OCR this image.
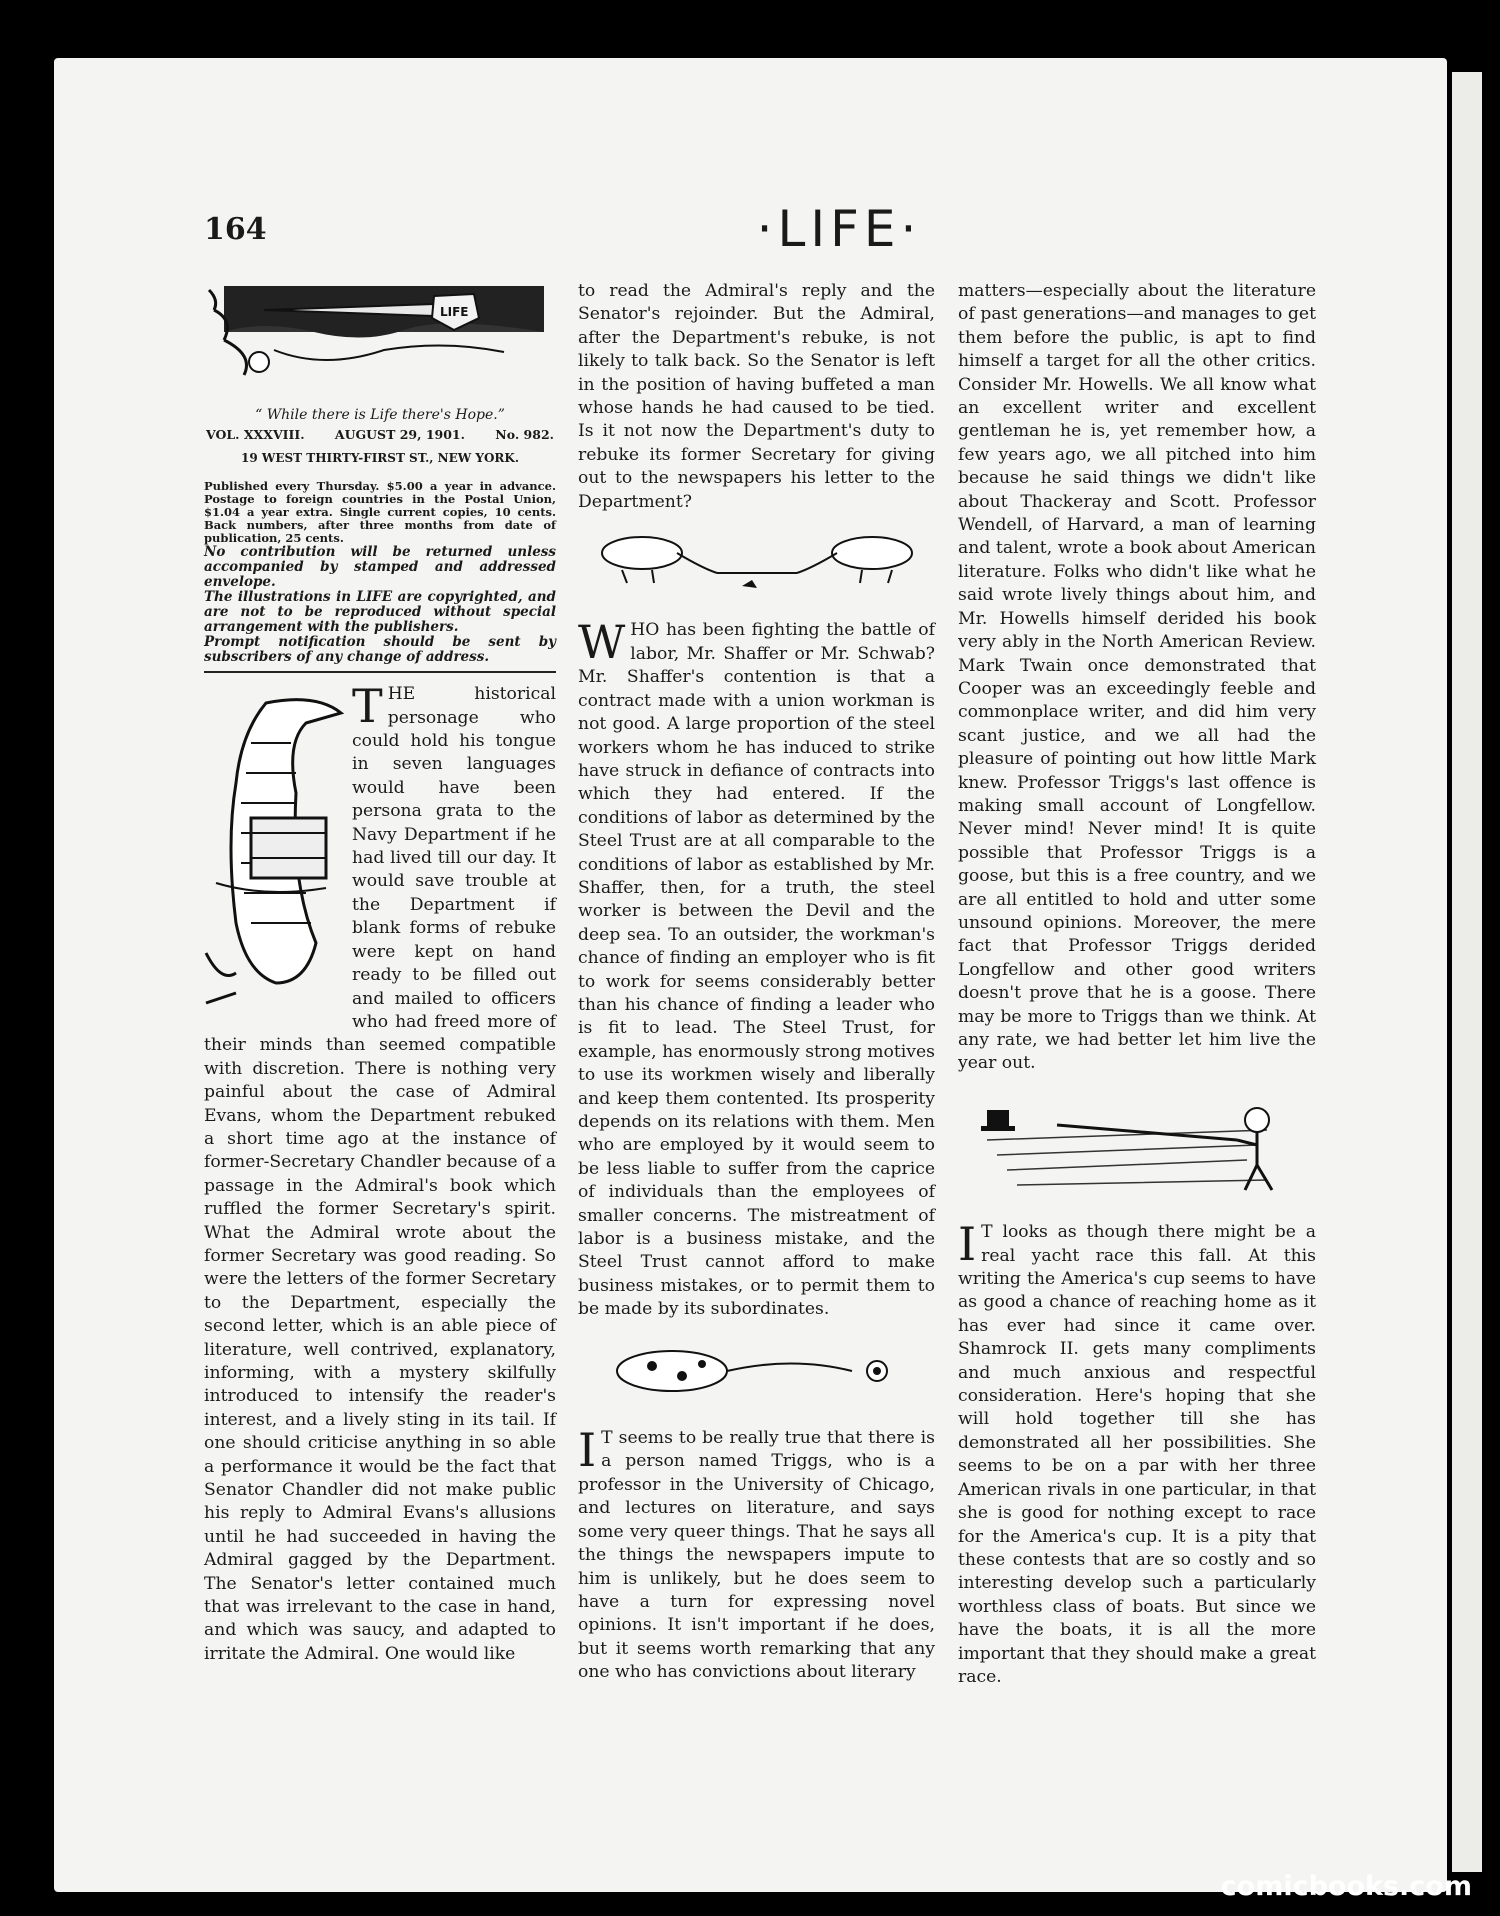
164	·LIFE·
LIFE
“ While there is Life there's Hope.”
VOL. XXXVIII. AUGUST 29, 1901. No. 982.
19 WEST THIRTY-FIRST ST., NEW YORK.

Published every Thursday. $5.00 a year in advance. Postage to foreign countries in the Postal Union, $1.04 a year extra. Single current copies, 10 cents. Back numbers, after three months from date of publication, 25 cents.

No contribution will be returned unless accompanied by stamped and addressed envelope.

The illustrations in LIFE are copyrighted, and are not to be reproduced without special arrangement with the publishers.

Prompt notification should be sent by subscribers of any change of address.

THE historical personage who could hold his tongue in seven languages would have been persona grata to the Navy Department if he had lived till our day. It would save trouble at the Department if blank forms of rebuke were kept on hand ready to be filled out and mailed to officers who had freed more of their minds than seemed compatible with discretion. There is nothing very painful about the case of Admiral Evans, whom the Department rebuked a short time ago at the instance of former-Secretary Chandler because of a passage in the Admiral's book which ruffled the former Secretary's spirit. What the Admiral wrote about the former Secretary was good reading. So were the letters of the former Secretary to the Department, especially the second letter, which is an able piece of literature, well contrived, explanatory, informing, with a mystery skilfully introduced to intensify the reader's interest, and a lively sting in its tail. If one should criticise anything in so able a performance it would be the fact that Senator Chandler did not make public his reply to Admiral Evans's allusions until he had succeeded in having the Admiral gagged by the Department. The Senator's letter contained much that was irrelevant to the case in hand, and which was saucy, and adapted to irritate the Admiral. One would like

to read the Admiral's reply and the Senator's rejoinder. But the Admiral, after the Department's rebuke, is not likely to talk back. So the Senator is left in the position of having buffeted a man whose hands he had caused to be tied. Is it not now the Department's duty to rebuke its former Secretary for giving out to the newspapers his letter to the Department?

WHO has been fighting the battle of labor, Mr. Shaffer or Mr. Schwab? Mr. Shaffer's contention is that a contract made with a union workman is not good. A large proportion of the steel workers whom he has induced to strike have struck in defiance of contracts into which they had entered. If the conditions of labor as determined by the Steel Trust are at all comparable to the conditions of labor as established by Mr. Shaffer, then, for a truth, the steel worker is between the Devil and the deep sea. To an outsider, the workman's chance of finding an employer who is fit to work for seems considerably better than his chance of finding a leader who is fit to lead. The Steel Trust, for example, has enormously strong motives to use its workmen wisely and liberally and keep them contented. Its prosperity depends on its relations with them. Men who are employed by it would seem to be less liable to suffer from the caprice of individuals than the employees of smaller concerns. The mistreatment of labor is a business mistake, and the Steel Trust cannot afford to make business mistakes, or to permit them to be made by its subordinates.

I T seems to be really true that there is a person named Triggs, who is a professor in the University of Chicago, and lectures on literature, and says some very queer things. That he says all the things the newspapers impute to him is unlikely, but he does seem to have a turn for expressing novel opinions. It isn't important if he does, but it seems worth remarking that any one who has convictions about literary

matters—especially about the literature of past generations—and manages to get them before the public, is apt to find himself a target for all the other critics. Consider Mr. Howells. We all know what an excellent writer and excellent gentleman he is, yet remember how, a few years ago, we all pitched into him because he said things we didn't like about Thackeray and Scott. Professor Wendell, of Harvard, a man of learning and talent, wrote a book about American literature. Folks who didn't like what he said wrote lively things about him, and Mr. Howells himself derided his book very ably in the North American Review. Mark Twain once demonstrated that Cooper was an exceedingly feeble and commonplace writer, and did him very scant justice, and we all had the pleasure of pointing out how little Mark knew. Professor Triggs's last offence is making small account of Longfellow. Never mind! Never mind! It is quite possible that Professor Triggs is a goose, but this is a free country, and we are all entitled to hold and utter some unsound opinions. Moreover, the mere fact that Professor Triggs derided Longfellow and other good writers doesn't prove that he is a goose. There may be more to Triggs than we think. At any rate, we had better let him live the year out.

I T looks as though there might be a real yacht race this fall. At this writing the America's cup seems to have as good a chance of reaching home as it has ever had since it came over. Shamrock II. gets many compliments and much anxious and respectful consideration. Here's hoping that she will hold together till she has demonstrated all her possibilities. She seems to be on a par with her three American rivals in one particular, in that she is good for nothing except to race for the America's cup. It is a pity that these contests that are so costly and so interesting develop such a particularly worthless class of boats. But since we have the boats, it is all the more important that they should make a great race.

comicbooks.com
